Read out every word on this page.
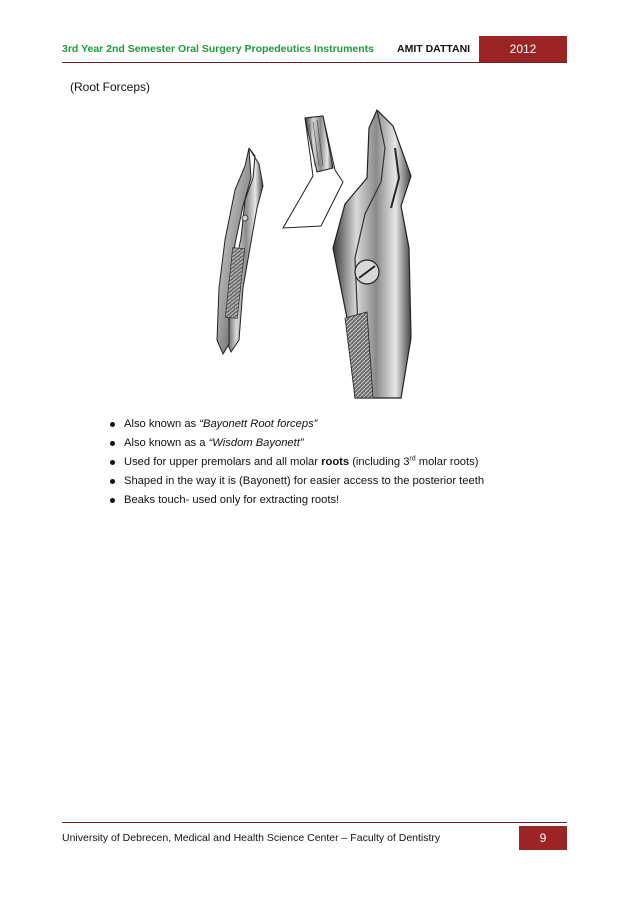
3rd Year 2nd Semester Oral Surgery Propedeutics Instruments AMIT DATTANI	2012
(Root Forceps)
Also known as “Bayonett Root forceps”
Also known as a “Wisdom Bayonett”
Used for upper premolars and all molar roots (including 3rd molar roots)
Shaped in the way it is (Bayonett) for easier access to the posterior teeth
Beaks touch- used only for extracting roots!
University of Debrecen, Medical and Health Science Center – Faculty of Dentistry	9
